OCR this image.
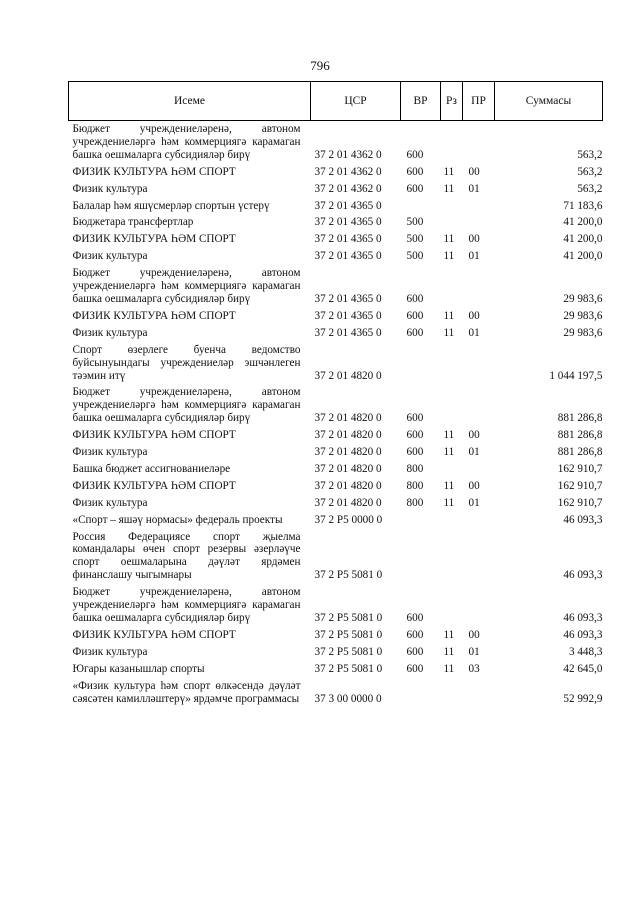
796
Исеме	ЦСР	ВР	Рз	ПР	Суммасы
Бюджет учреждениеләренә, автоном учреждениеләргә һәм коммерциягә карамаган башка оешмаларга субсидияләр бирү	37 2 01 4362 0	600			563,2
ФИЗИК КУЛЬТУРА ҺӘМ СПОРТ	37 2 01 4362 0	600	11	00	563,2
Физик культура	37 2 01 4362 0	600	11	01	563,2
Балалар һәм яшүсмерләр спортын үстерү	37 2 01 4365 0				71 183,6
Бюджетара трансфертлар	37 2 01 4365 0	500			41 200,0
ФИЗИК КУЛЬТУРА ҺӘМ СПОРТ	37 2 01 4365 0	500	11	00	41 200,0
Физик культура	37 2 01 4365 0	500	11	01	41 200,0
Бюджет учреждениеләренә, автоном учреждениеләргә һәм коммерциягә карамаган башка оешмаларга субсидияләр бирү	37 2 01 4365 0	600			29 983,6
ФИЗИК КУЛЬТУРА ҺӘМ СПОРТ	37 2 01 4365 0	600	11	00	29 983,6
Физик культура	37 2 01 4365 0	600	11	01	29 983,6
Спорт өзерлеге буенча ведомство буйсынуындагы учреждениеләр эшчәнлеген тәэмин итү	37 2 01 4820 0				1 044 197,5
Бюджет учреждениеләренә, автоном учреждениеләргә һәм коммерциягә карамаган башка оешмаларга субсидияләр бирү	37 2 01 4820 0	600			881 286,8
ФИЗИК КУЛЬТУРА ҺӘМ СПОРТ	37 2 01 4820 0	600	11	00	881 286,8
Физик культура	37 2 01 4820 0	600	11	01	881 286,8
Башка бюджет ассигнованиеләре	37 2 01 4820 0	800			162 910,7
ФИЗИК КУЛЬТУРА ҺӘМ СПОРТ	37 2 01 4820 0	800	11	00	162 910,7
Физик культура	37 2 01 4820 0	800	11	01	162 910,7
«Спорт – яшәү нормасы» федераль проекты	37 2 P5 0000 0				46 093,3
Россия Федерациясе спорт җыелма командалары өчен спорт резервы әзерләүче спорт оешмаларына дәүләт ярдәмен финанслашу чыгымнары	37 2 P5 5081 0				46 093,3
Бюджет учреждениеләренә, автоном учреждениеләргә һәм коммерциягә карамаган башка оешмаларга субсидияләр бирү	37 2 P5 5081 0	600			46 093,3
ФИЗИК КУЛЬТУРА ҺӘМ СПОРТ	37 2 P5 5081 0	600	11	00	46 093,3
Физик культура	37 2 P5 5081 0	600	11	01	3 448,3
Югары казанышлар спорты	37 2 P5 5081 0	600	11	03	42 645,0
«Физик культура һәм спорт өлкәсендә дәүләт сәясәтен камилләштерү» ярдәмче программасы	37 3 00 0000 0				52 992,9
